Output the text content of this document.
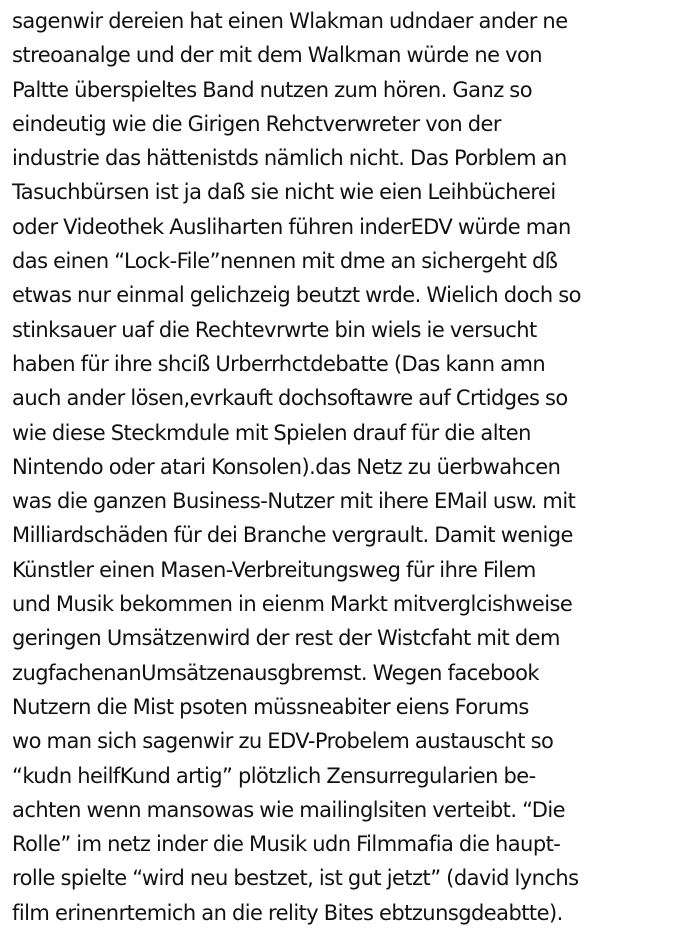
sagenwir dereien hat einen Wlakman udndaer ander ne
streoanalge und der mit dem Walkman würde ne von
Paltte überspieltes Band nutzen zum hören. Ganz so
eindeutig wie die Girigen Rehctverwreter von der
industrie das hättenistds nämlich nicht. Das Porblem an
Tasuchbürsen ist ja daß sie nicht wie eien Leihbücherei
oder Videothek Ausliharten führen inderEDV würde man
das einen “Lock-File”nennen mit dme an sichergeht dß
etwas nur einmal gelichzeig beutzt wrde. Wielich doch so
stinksauer uaf die Rechtevrwrte bin wiels ie versucht
haben für ihre shciß Urberrhctdebatte (Das kann amn
auch ander lösen,evrkauft dochsoftawre auf Crtidges so
wie diese Steckmdule mit Spielen drauf für die alten
Nintendo oder atari Konsolen).das Netz zu üerbwahcen
was die ganzen Business-Nutzer mit ihere EMail usw. mit
Milliardschäden für dei Branche vergrault. Damit wenige
Künstler einen Masen-Verbreitungsweg für ihre Filem
und Musik bekommen in eienm Markt mitverglcishweise
geringen Umsätzenwird der rest der Wistcfaht mit dem
zugfachenanUmsätzenausgbremst. Wegen facebook
Nutzern die Mist psoten müssneabiter eiens Forums
wo man sich sagenwir zu EDV-Probelem austauscht so
“kudn heilfKund artig” plötzlich Zensurregularien be-
achten wenn mansowas wie mailinglsiten verteibt. “Die
Rolle” im netz inder die Musik udn Filmmafia die haupt-
rolle spielte “wird neu bestzet, ist gut jetzt” (david lynchs
film erinenrtemich an die relity Bites ebtzunsgdeabtte).
